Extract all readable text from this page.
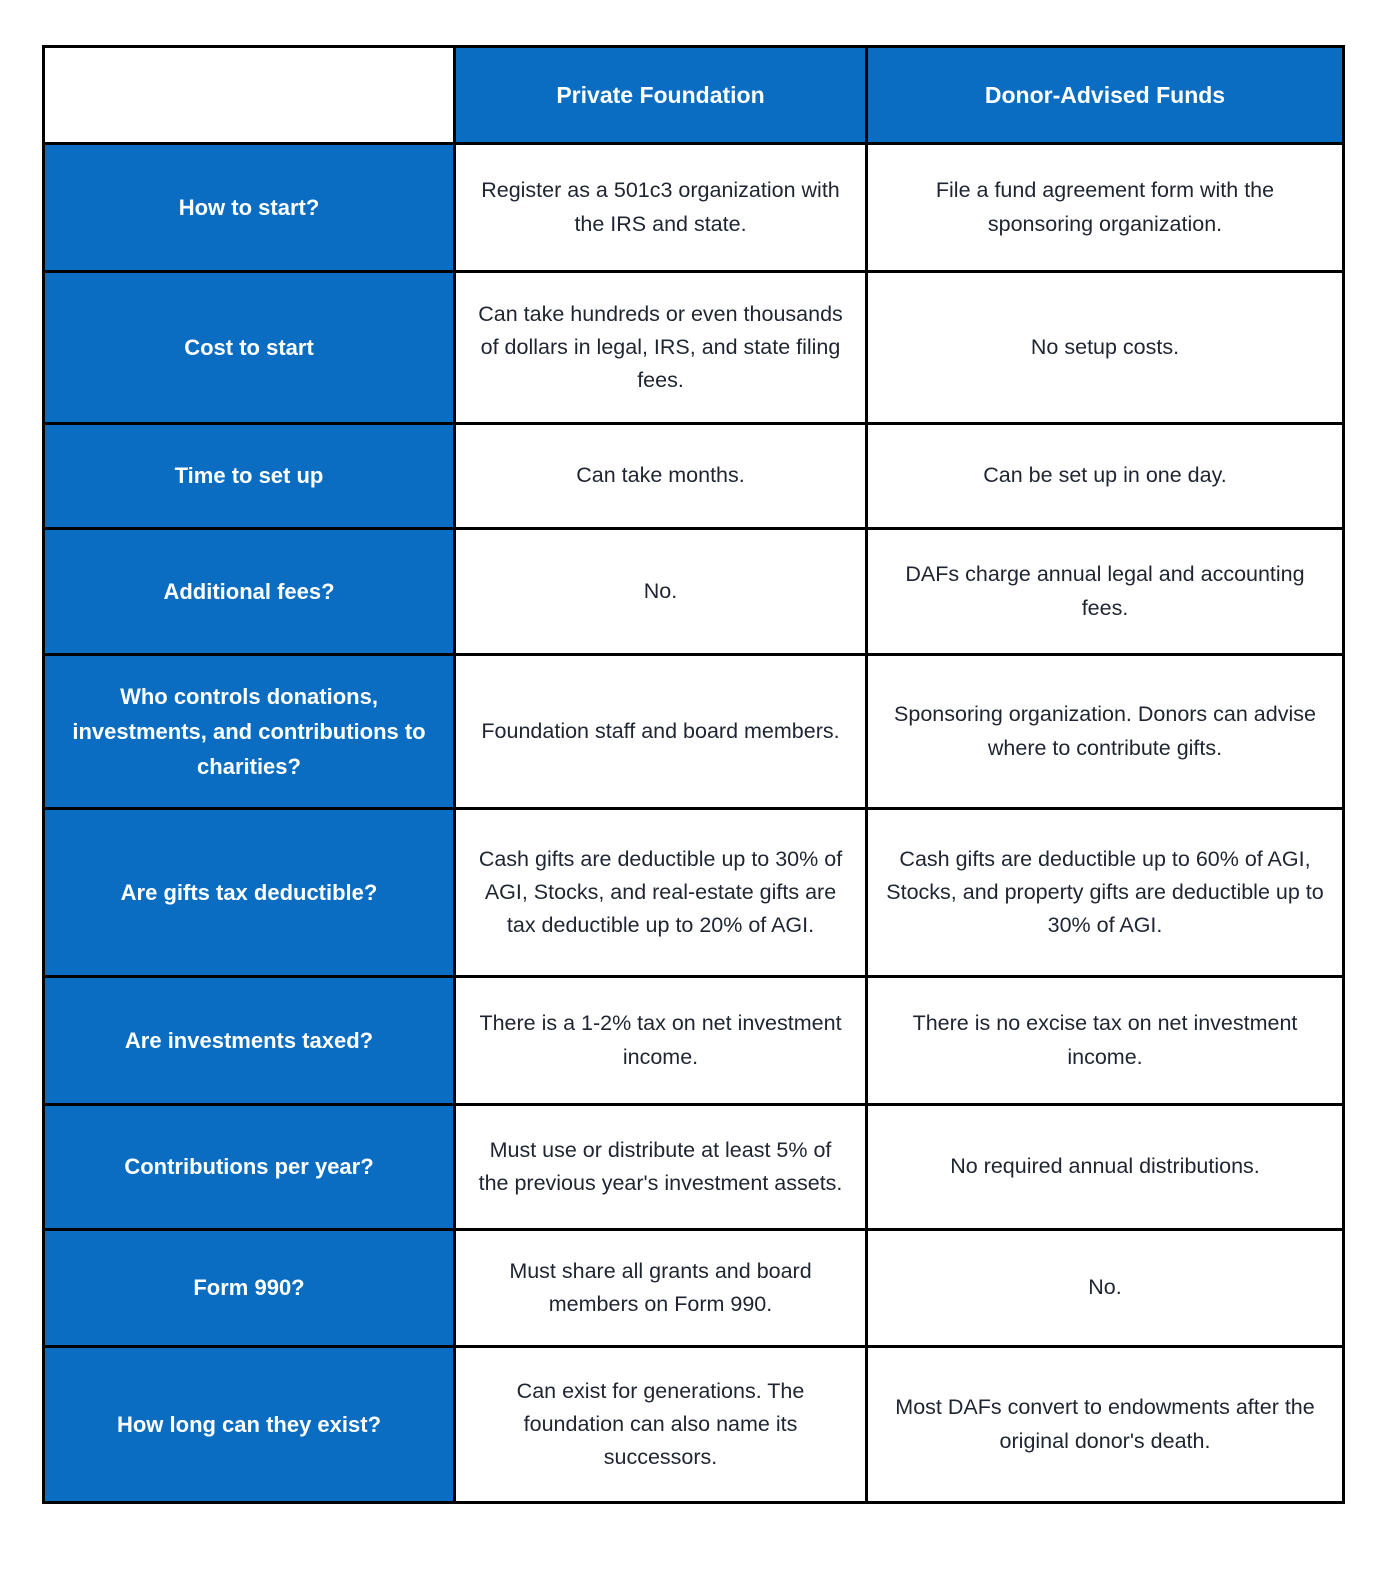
	Private Foundation	Donor-Advised Funds
How to start?	Register as a 501c3 organization with the IRS and state.	File a fund agreement form with the sponsoring organization.
Cost to start	Can take hundreds or even thousands of dollars in legal, IRS, and state filing fees.	No setup costs.
Time to set up	Can take months.	Can be set up in one day.
Additional fees?	No.	DAFs charge annual legal and accounting fees.
Who controls donations, investments, and contributions to charities?	Foundation staff and board members.	Sponsoring organization. Donors can advise where to contribute gifts.
Are gifts tax deductible?	Cash gifts are deductible up to 30% of AGI, Stocks, and real-estate gifts are tax deductible up to 20% of AGI.	Cash gifts are deductible up to 60% of AGI, Stocks, and property gifts are deductible up to 30% of AGI.
Are investments taxed?	There is a 1-2% tax on net investment income.	There is no excise tax on net investment income.
Contributions per year?	Must use or distribute at least 5% of the previous year's investment assets.	No required annual distributions.
Form 990?	Must share all grants and board members on Form 990.	No.
How long can they exist?	Can exist for generations. The foundation can also name its successors.	Most DAFs convert to endowments after the original donor's death.
